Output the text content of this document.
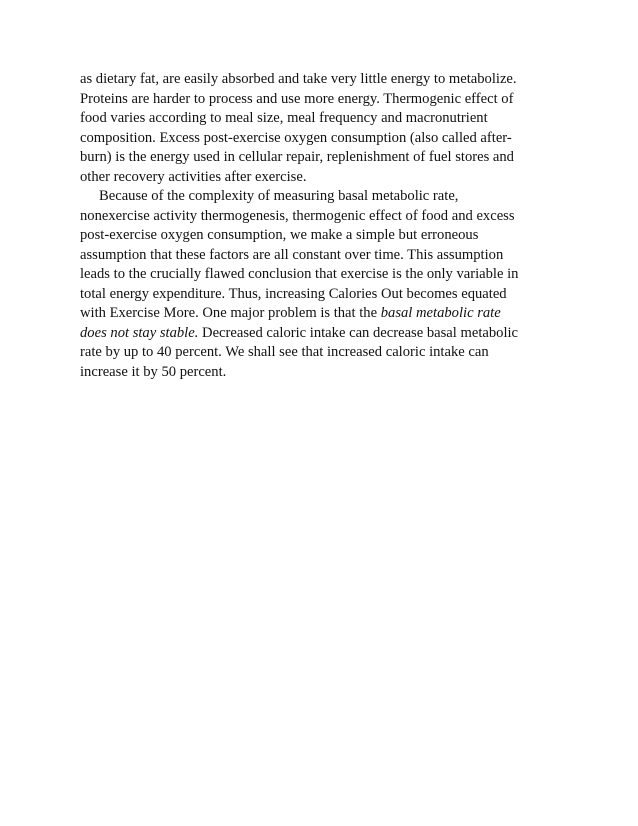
as dietary fat, are easily absorbed and take very little energy to metabolize.
Proteins are harder to process and use more energy. Thermogenic effect of
food varies according to meal size, meal frequency and macronutrient
composition. Excess post-exercise oxygen consumption (also called after-
burn) is the energy used in cellular repair, replenishment of fuel stores and
other recovery activities after exercise.
Because of the complexity of measuring basal metabolic rate,
nonexercise activity thermogenesis, thermogenic effect of food and excess
post-exercise oxygen consumption, we make a simple but erroneous
assumption that these factors are all constant over time. This assumption
leads to the crucially flawed conclusion that exercise is the only variable in
total energy expenditure. Thus, increasing Calories Out becomes equated
with Exercise More. One major problem is that the basal metabolic rate
does not stay stable. Decreased caloric intake can decrease basal metabolic
rate by up to 40 percent. We shall see that increased caloric intake can
increase it by 50 percent.
